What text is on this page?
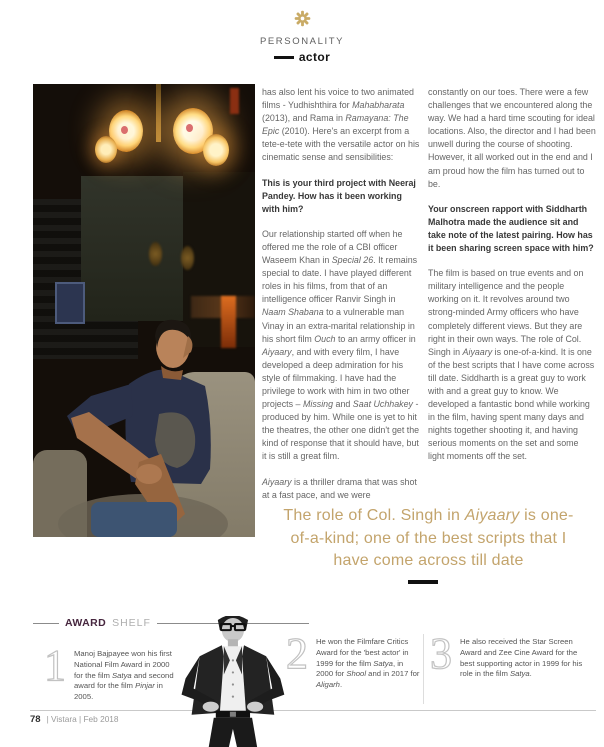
PERSONALITY
actor

has also lent his voice to two animated films - Yudhishthira for Mahabharata (2013), and Rama in Ramayana: The Epic (2010). Here's an excerpt from a tete-e-tete with the versatile actor on his cinematic sense and sensibilities:

This is your third project with Neeraj Pandey. How has it been working with him?

Our relationship started off when he offered me the role of a CBI officer Waseem Khan in Special 26. It remains special to date. I have played different roles in his films, from that of an intelligence officer Ranvir Singh in Naam Shabana to a vulnerable man Vinay in an extra-marital relationship in his short film Ouch to an army officer in Aiyaary, and with every film, I have developed a deep admiration for his style of filmmaking. I have had the privilege to work with him in two other projects – Missing and Saat Uchhakey - produced by him. While one is yet to hit the theatres, the other one didn't get the kind of response that it should have, but it is still a great film.

Aiyaary is a thriller drama that was shot at a fast pace, and we were

constantly on our toes. There were a few challenges that we encountered along the way. We had a hard time scouting for ideal locations. Also, the director and I had been unwell during the course of shooting. However, it all worked out in the end and I am proud how the film has turned out to be.

Your onscreen rapport with Siddharth Malhotra made the audience sit and take note of the latest pairing. How has it been sharing screen space with him?

The film is based on true events and on military intelligence and the people working on it. It revolves around two strong-minded Army officers who have completely different views. But they are right in their own ways. The role of Col. Singh in Aiyaary is one-of-a-kind. It is one of the best scripts that I have come across till date. Siddharth is a great guy to work with and a great guy to know. We developed a fantastic bond while working in the film, having spent many days and nights together shooting it, and having serious moments on the set and some light moments off the set.

The role of Col. Singh in Aiyaary is one-of-a-kind; one of the best scripts that I have come across till date
AWARD SHELF
1 Manoj Bajpayee won his first National Film Award in 2000 for the film Satya and second award for the film Pinjar in 2005.
2 He won the Filmfare Critics Award for the 'best actor' in 1999 for the film Satya, in 2000 for Shool and in 2017 for Aligarh.
3 He also received the Star Screen Award and Zee Cine Award for the best supporting actor in 1999 for his role in the film Satya.
78 | Vistara | Feb 2018
